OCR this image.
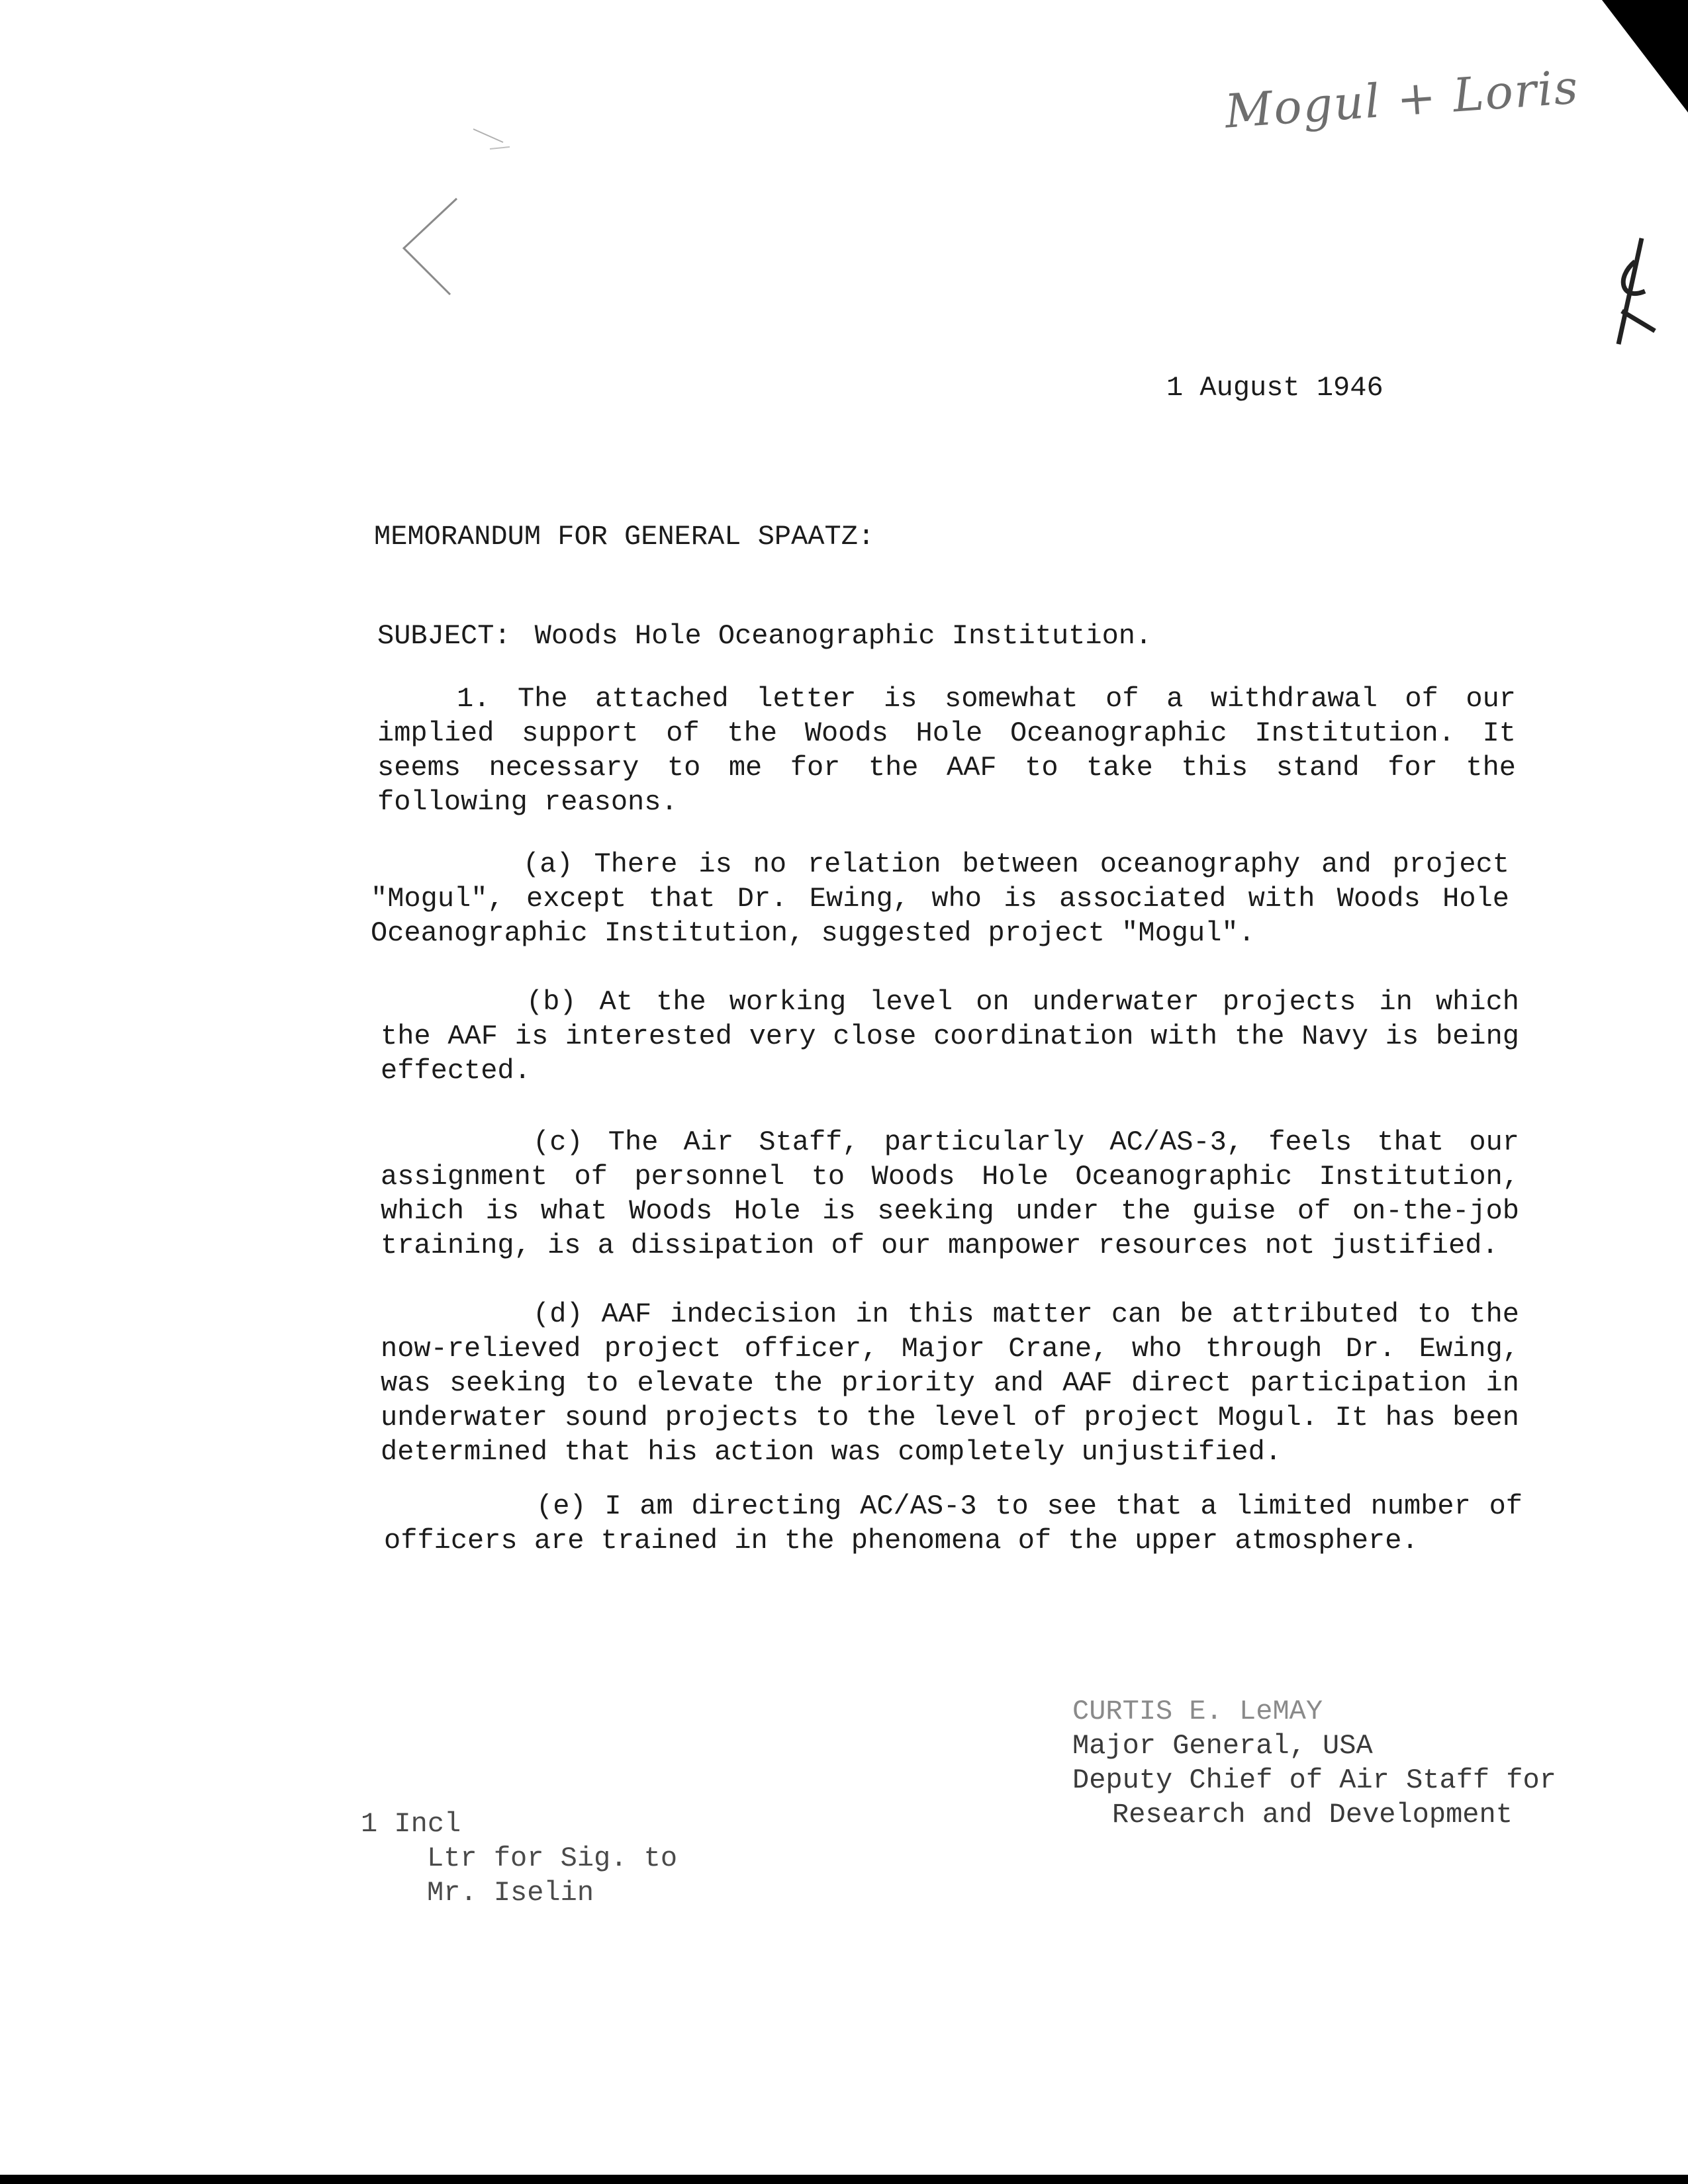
Mogul + Loris
1 August 1946
MEMORANDUM FOR GENERAL SPAATZ:
SUBJECT: Woods Hole Oceanographic Institution.
1. The attached letter is somewhat of a withdrawal of our implied support of the Woods Hole Oceanographic Institution. It seems necessary to me for the AAF to take this stand for the following reasons.
(a) There is no relation between oceanography and project "Mogul", except that Dr. Ewing, who is associated with Woods Hole Oceanographic Institution, suggested project "Mogul".
(b) At the working level on underwater projects in which the AAF is interested very close coordination with the Navy is being effected.
(c) The Air Staff, particularly AC/AS-3, feels that our assignment of personnel to Woods Hole Oceanographic Institution, which is what Woods Hole is seeking under the guise of on-the-job training, is a dissipation of our manpower resources not justified.
(d) AAF indecision in this matter can be attributed to the now-relieved project officer, Major Crane, who through Dr. Ewing, was seeking to elevate the priority and AAF direct participation in underwater sound projects to the level of project Mogul. It has been determined that his action was completely unjustified.
(e) I am directing AC/AS-3 to see that a limited number of officers are trained in the phenomena of the upper atmosphere.
CURTIS E. LeMAY
Major General, USA
Deputy Chief of Air Staff for
Research and Development
1 Incl
Ltr for Sig. to
Mr. Iselin
